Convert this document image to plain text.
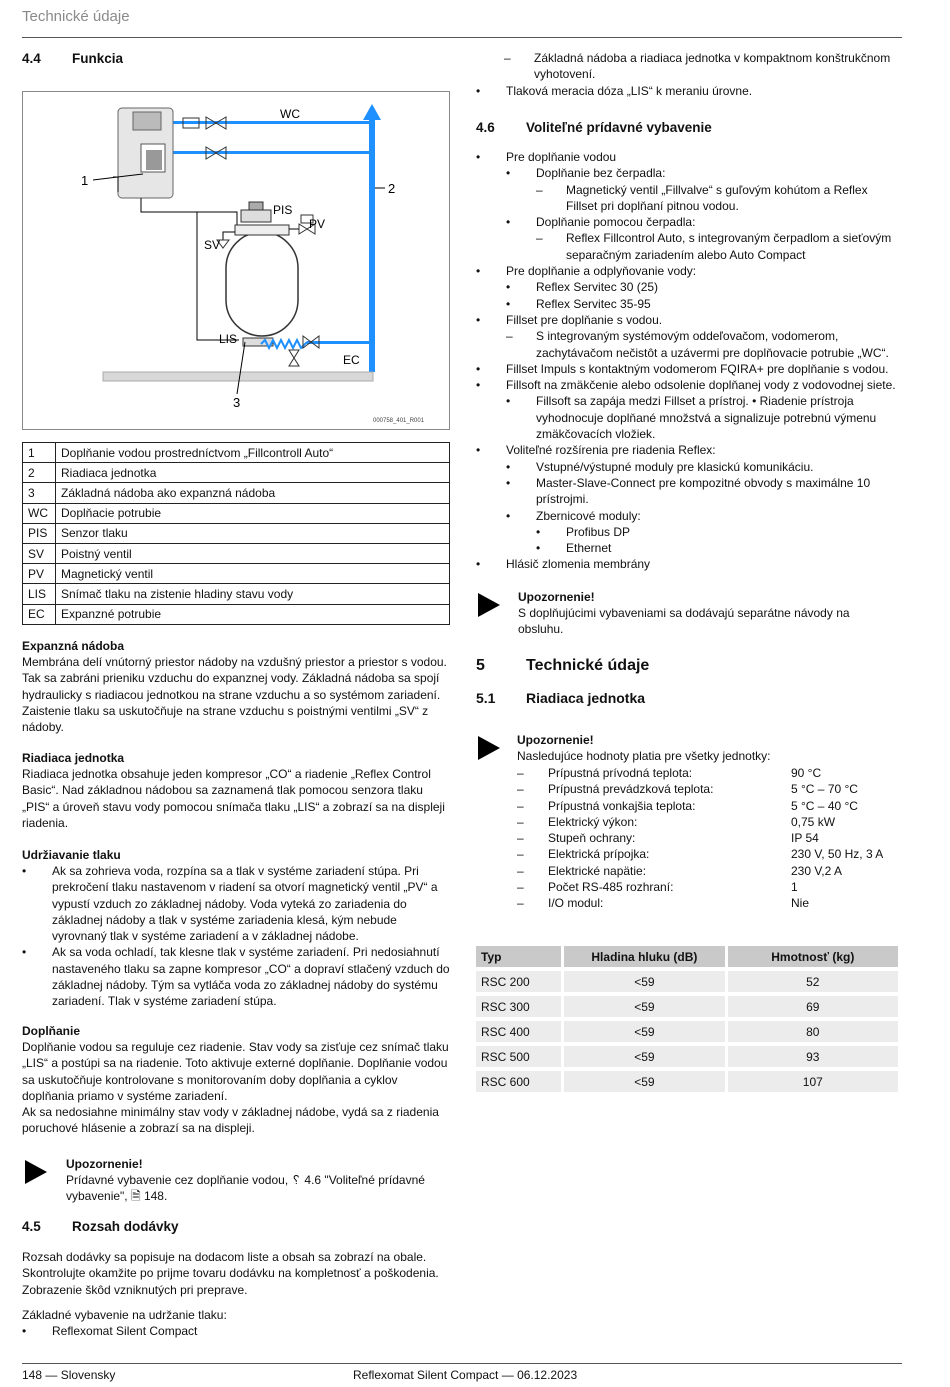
Technické údaje
4.4 Funkcia
1
2
WC
PIS
PV
SV
LIS
EC
3
000758_401_R001
1	Doplňanie vodou prostredníctvom „Fillcontroll Auto“
2	Riadiaca jednotka
3	Základná nádoba ako expanzná nádoba
WC	Doplňacie potrubie
PIS	Senzor tlaku
SV	Poistný ventil
PV	Magnetický ventil
LIS	Snímač tlaku na zistenie hladiny stavu vody
EC	Expanzné potrubie
Expanzná nádoba

Membrána delí vnútorný priestor nádoby na vzdušný priestor a priestor s vodou. Tak sa zabráni prieniku vzduchu do expanznej vody. Základná nádoba sa spojí hydraulicky s riadiacou jednotkou na strane vzduchu a so systémom zariadení. Zaistenie tlaku sa uskutočňuje na strane vzduchu s poistnými ventilmi „SV“ z nádoby.

Riadiaca jednotka

Riadiaca jednotka obsahuje jeden kompresor „CO“ a riadenie „Reflex Control Basic“. Nad základnou nádobou sa zaznamená tlak pomocou senzora tlaku „PIS“ a úroveň stavu vody pomocou snímača tlaku „LIS“ a zobrazí sa na displeji riadenia.

Udržiavanie tlaku
• Ak sa zohrieva voda, rozpína sa a tlak v systéme zariadení stúpa. Pri prekročení tlaku nastavenom v riadení sa otvorí magnetický ventil „PV“ a vypustí vzduch zo základnej nádoby. Voda vyteká zo zariadenia do základnej nádoby a tlak v systéme zariadenia klesá, kým nebude vyrovnaný tlak v systéme zariadení a v základnej nádobe.
• Ak sa voda ochladí, tak klesne tlak v systéme zariadení. Pri nedosiahnutí nastaveného tlaku sa zapne kompresor „CO“ a dopraví stlačený vzduch do základnej nádoby. Tým sa vytláča voda zo základnej nádoby do systému zariadení. Tlak v systéme zariadení stúpa.
Doplňanie

Doplňanie vodou sa reguluje cez riadenie. Stav vody sa zisťuje cez snímač tlaku „LIS“ a postúpi sa na riadenie. Toto aktivuje externé doplňanie. Doplňanie vodou sa uskutočňuje kontrolovane s monitorovaním doby doplňania a cyklov doplňania priamo v systéme zariadení.

Ak sa nedosiahne minimálny stav vody v základnej nádobe, vydá sa z riadenia poruchové hlásenie a zobrazí sa na displeji.

Upozornenie!

Prídavné vybavenie cez doplňanie vodou, ␦ 4.6 "Voliteľné prídavné vybavenie", 🗎 148.

4.5 Rozsah dodávky

Rozsah dodávky sa popisuje na dodacom liste a obsah sa zobrazí na obale. Skontrolujte okamžite po prijme tovaru dodávku na kompletnosť a poškodenia. Zobrazenie škôd vzniknutých pri preprave.

Základné vybavenie na udržanie tlaku:

• Reflexomat Silent Compact
148 — Slovensky	Reflexomat Silent Compact — 06.12.2023
– Základná nádoba a riadiaca jednotka v kompaktnom konštrukčnom vyhotovení.
• Tlaková meracia dóza „LIS“ k meraniu úrovne.
4.6 Voliteľné prídavné vybavenie
• Pre doplňanie vodou
• Doplňanie bez čerpadla:
– Magnetický ventil „Fillvalve“ s guľovým kohútom a Reflex Fillset pri doplňaní pitnou vodou.
• Doplňanie pomocou čerpadla:
– Reflex Fillcontrol Auto, s integrovaným čerpadlom a sieťovým separačným zariadením alebo Auto Compact
• Pre doplňanie a odplyňovanie vody:
• Reflex Servitec 30 (25)
• Reflex Servitec 35-95
• Fillset pre doplňanie s vodou.
– S integrovaným systémovým oddeľovačom, vodomerom, zachytávačom nečistôt a uzávermi pre doplňovacie potrubie „WC“.
• Fillset Impuls s kontaktným vodomerom FQIRA+ pre doplňanie s vodou.
• Fillsoft na zmäkčenie alebo odsolenie doplňanej vody z vodovodnej siete.
• Fillsoft sa zapája medzi Fillset a prístroj. • Riadenie prístroja vyhodnocuje doplňané množstvá a signalizuje potrebnú výmenu zmäkčovacích vložiek.
• Voliteľné rozšírenia pre riadenia Reflex:
• Vstupné/výstupné moduly pre klasickú komunikáciu.
• Master-Slave-Connect pre kompozitné obvody s maximálne 10 prístrojmi.
• Zbernicové moduly:
• Profibus DP
• Ethernet
• Hlásič zlomenia membrány
Upozornenie!

S doplňujúcimi vybaveniami sa dodávajú separátne návody na obsluhu.

5	Technické údaje
5.1 Riadiaca jednotka
Upozornenie!

Nasledujúce hodnoty platia pre všetky jednotky:

–	Prípustná prívodná teplota:	90 °C
–	Prípustná prevádzková teplota:	5 °C – 70 °C
–	Prípustná vonkajšia teplota:	5 °C – 40 °C
–	Elektrický výkon:	0,75 kW
–	Stupeň ochrany:	IP 54
–	Elektrická prípojka:	230 V, 50 Hz, 3 A
–	Elektrické napätie:	230 V,2 A
–	Počet RS-485 rozhraní:	1
–	I/O modul:	Nie
Typ	Hladina hluku (dB)	Hmotnosť (kg)
RSC 200	<59	52
RSC 300	<59	69
RSC 400	<59	80
RSC 500	<59	93
RSC 600	<59	107
